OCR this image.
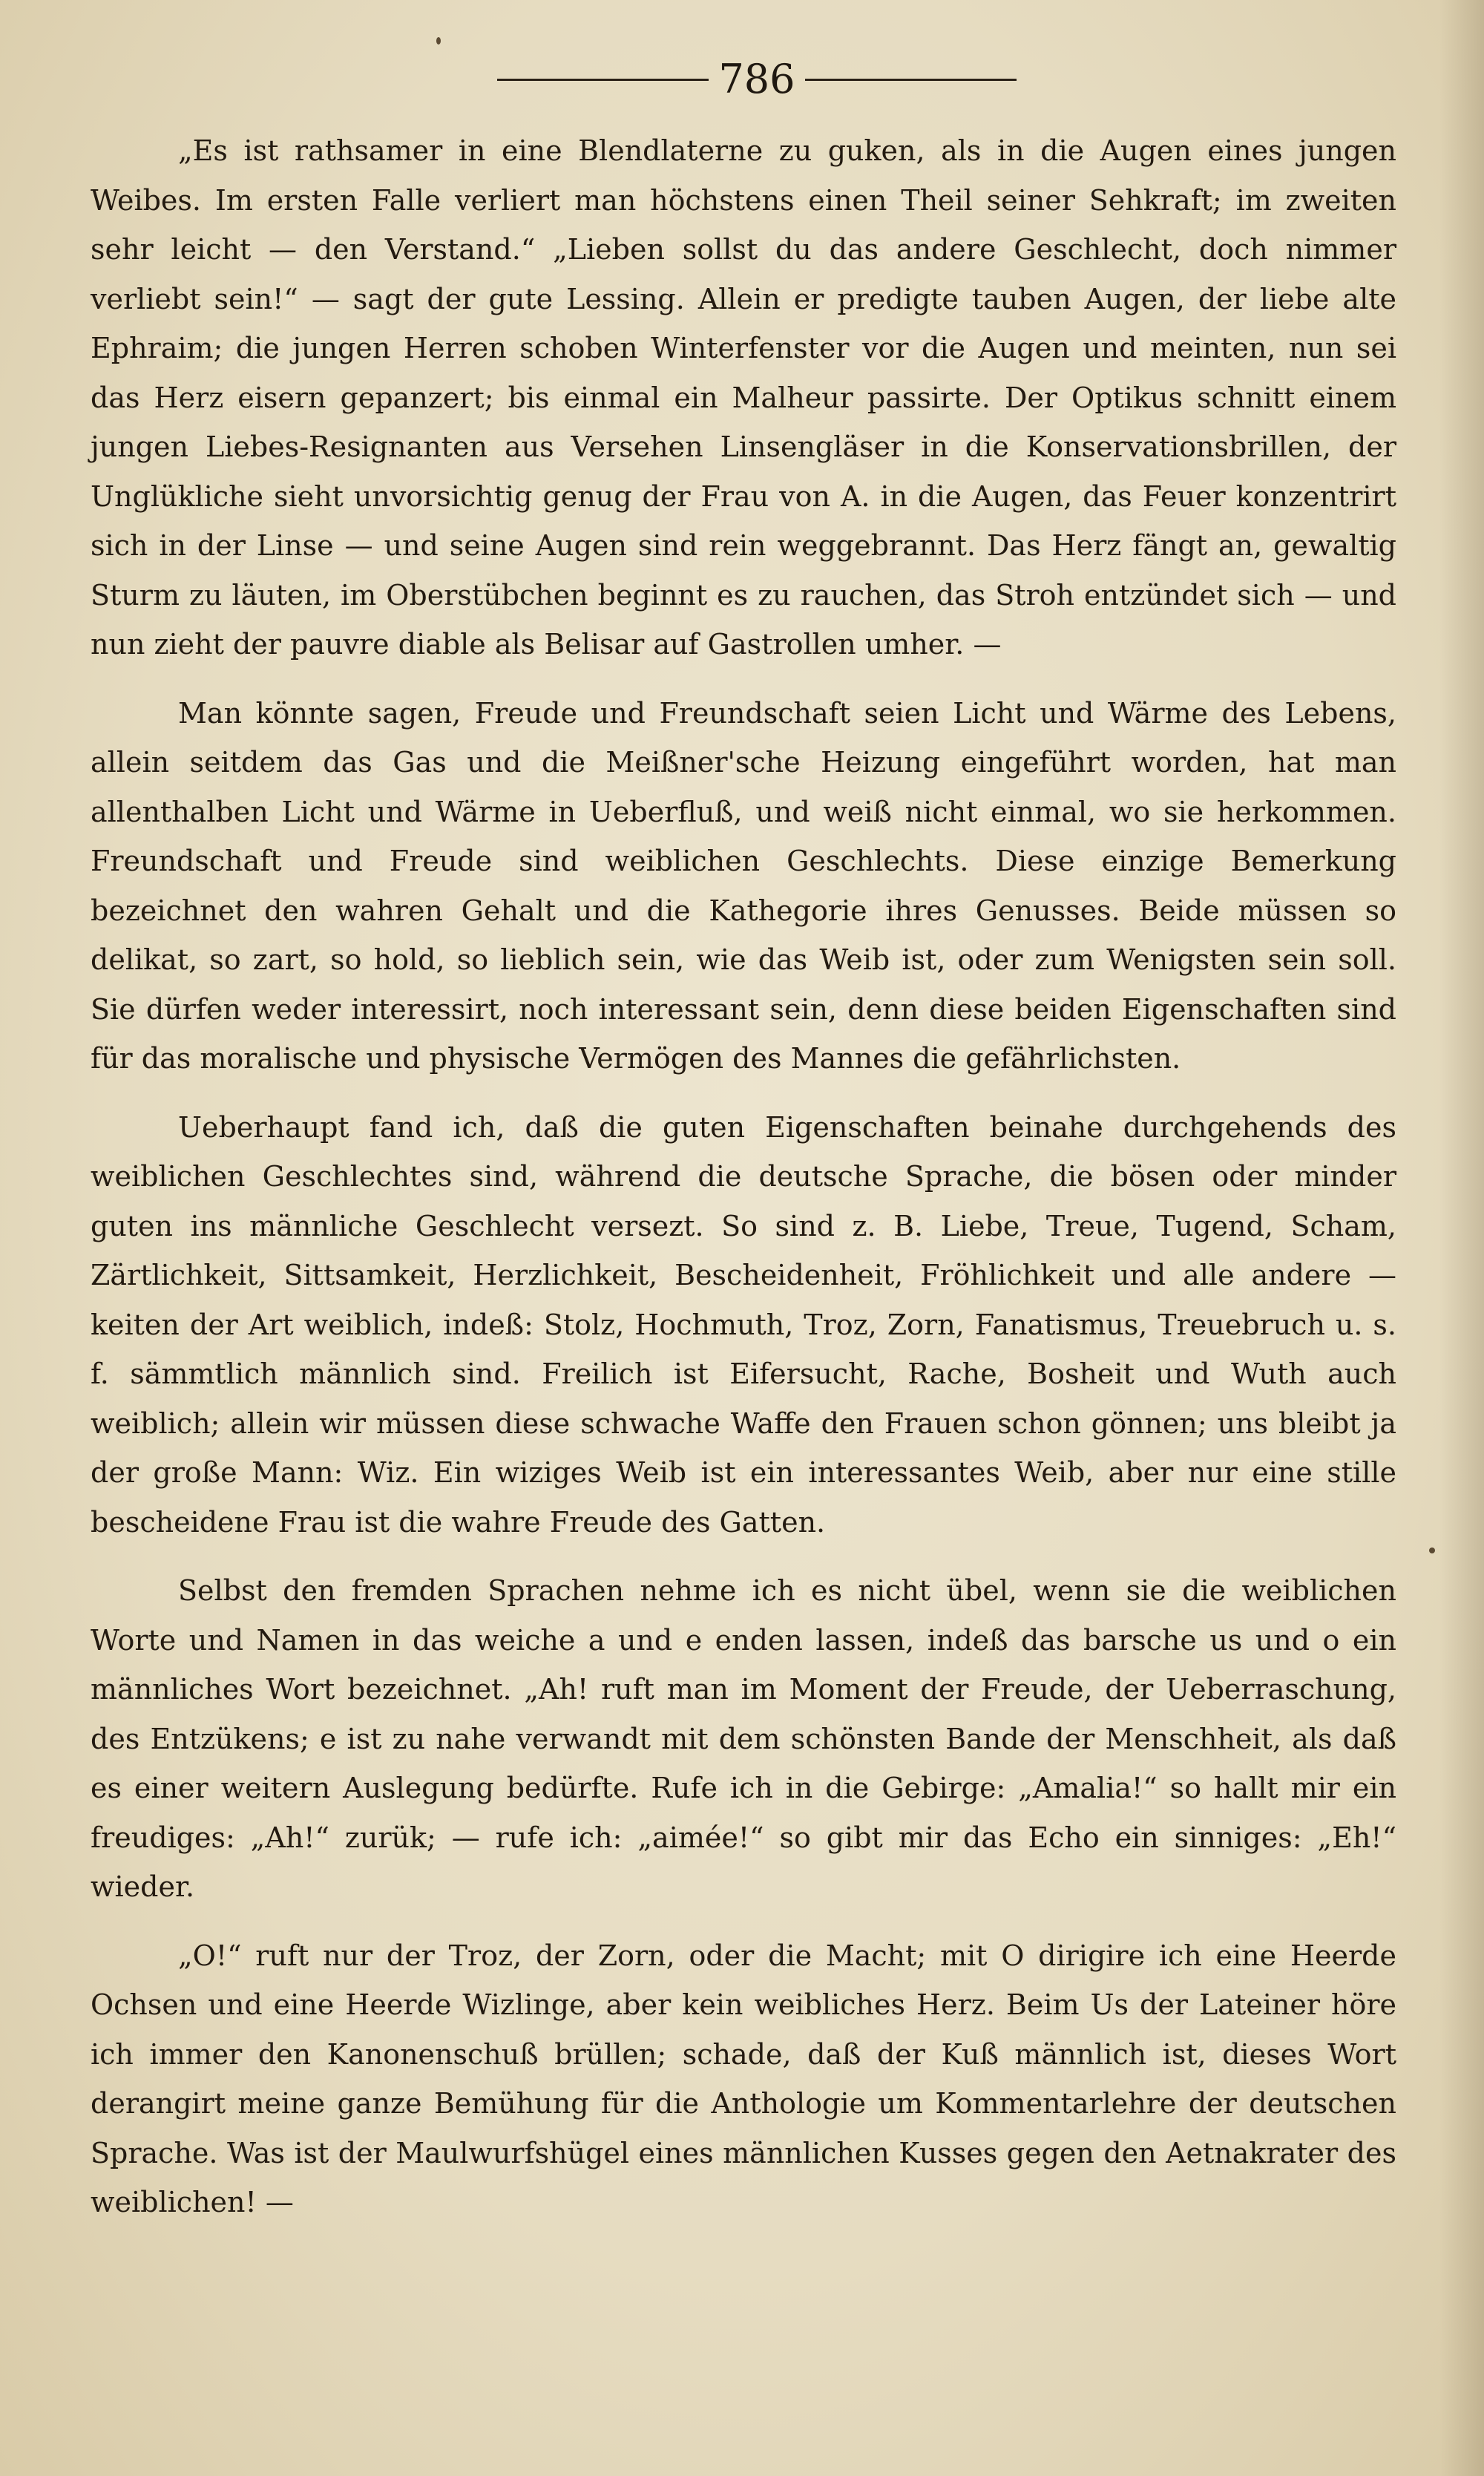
786

„Es ist rathsamer in eine Blendlaterne zu guken, als in die Augen eines jungen Weibes. Im ersten Falle verliert man höchstens einen Theil seiner Sehkraft; im zweiten sehr leicht — den Verstand.“ „Lieben sollst du das andere Geschlecht, doch nimmer verliebt sein!“ — sagt der gute Lessing. Allein er predigte tauben Augen, der liebe alte Ephraim; die jungen Herren schoben Winterfenster vor die Augen und meinten, nun sei das Herz eisern gepanzert; bis einmal ein Malheur passirte. Der Optikus schnitt einem jungen Liebes-Resignanten aus Versehen Linsengläser in die Konservationsbrillen, der Unglükliche sieht unvorsichtig genug der Frau von A. in die Augen, das Feuer konzentrirt sich in der Linse — und seine Augen sind rein weggebrannt. Das Herz fängt an, gewaltig Sturm zu läuten, im Oberstübchen beginnt es zu rauchen, das Stroh entzündet sich — und nun zieht der pauvre diable als Belisar auf Gastrollen umher. —

Man könnte sagen, Freude und Freundschaft seien Licht und Wärme des Lebens, allein seitdem das Gas und die Meißner'sche Heizung eingeführt worden, hat man allenthalben Licht und Wärme in Ueberfluß, und weiß nicht einmal, wo sie herkommen. Freundschaft und Freude sind weiblichen Geschlechts. Diese einzige Bemerkung bezeichnet den wahren Gehalt und die Kathegorie ihres Genusses. Beide müssen so delikat, so zart, so hold, so lieblich sein, wie das Weib ist, oder zum Wenigsten sein soll. Sie dürfen weder interessirt, noch interessant sein, denn diese beiden Eigenschaften sind für das moralische und physische Vermögen des Mannes die gefährlichsten.

Ueberhaupt fand ich, daß die guten Eigenschaften beinahe durchgehends des weiblichen Geschlechtes sind, während die deutsche Sprache, die bösen oder minder guten ins männliche Geschlecht versezt. So sind z. B. Liebe, Treue, Tugend, Scham, Zärtlichkeit, Sittsamkeit, Herzlichkeit, Bescheidenheit, Fröhlichkeit und alle andere — keiten der Art weiblich, indeß: Stolz, Hochmuth, Troz, Zorn, Fanatismus, Treuebruch u. s. f. sämmtlich männlich sind. Freilich ist Eifersucht, Rache, Bosheit und Wuth auch weiblich; allein wir müssen diese schwache Waffe den Frauen schon gönnen; uns bleibt ja der große Mann: Wiz. Ein wiziges Weib ist ein interessantes Weib, aber nur eine stille bescheidene Frau ist die wahre Freude des Gatten.

Selbst den fremden Sprachen nehme ich es nicht übel, wenn sie die weiblichen Worte und Namen in das weiche a und e enden lassen, indeß das barsche us und o ein männliches Wort bezeichnet. „Ah! ruft man im Moment der Freude, der Ueberraschung, des Entzükens; e ist zu nahe verwandt mit dem schönsten Bande der Menschheit, als daß es einer weitern Auslegung bedürfte. Rufe ich in die Gebirge: „Amalia!“ so hallt mir ein freudiges: „Ah!“ zurük; — rufe ich: „aimée!“ so gibt mir das Echo ein sinniges: „Eh!“ wieder.

„O!“ ruft nur der Troz, der Zorn, oder die Macht; mit O dirigire ich eine Heerde Ochsen und eine Heerde Wizlinge, aber kein weibliches Herz. Beim Us der Lateiner höre ich immer den Kanonenschuß brüllen; schade, daß der Kuß männlich ist, dieses Wort derangirt meine ganze Bemühung für die Anthologie um Kommentarlehre der deutschen Sprache. Was ist der Maulwurfshügel eines männlichen Kusses gegen den Aetnakrater des weiblichen! —
